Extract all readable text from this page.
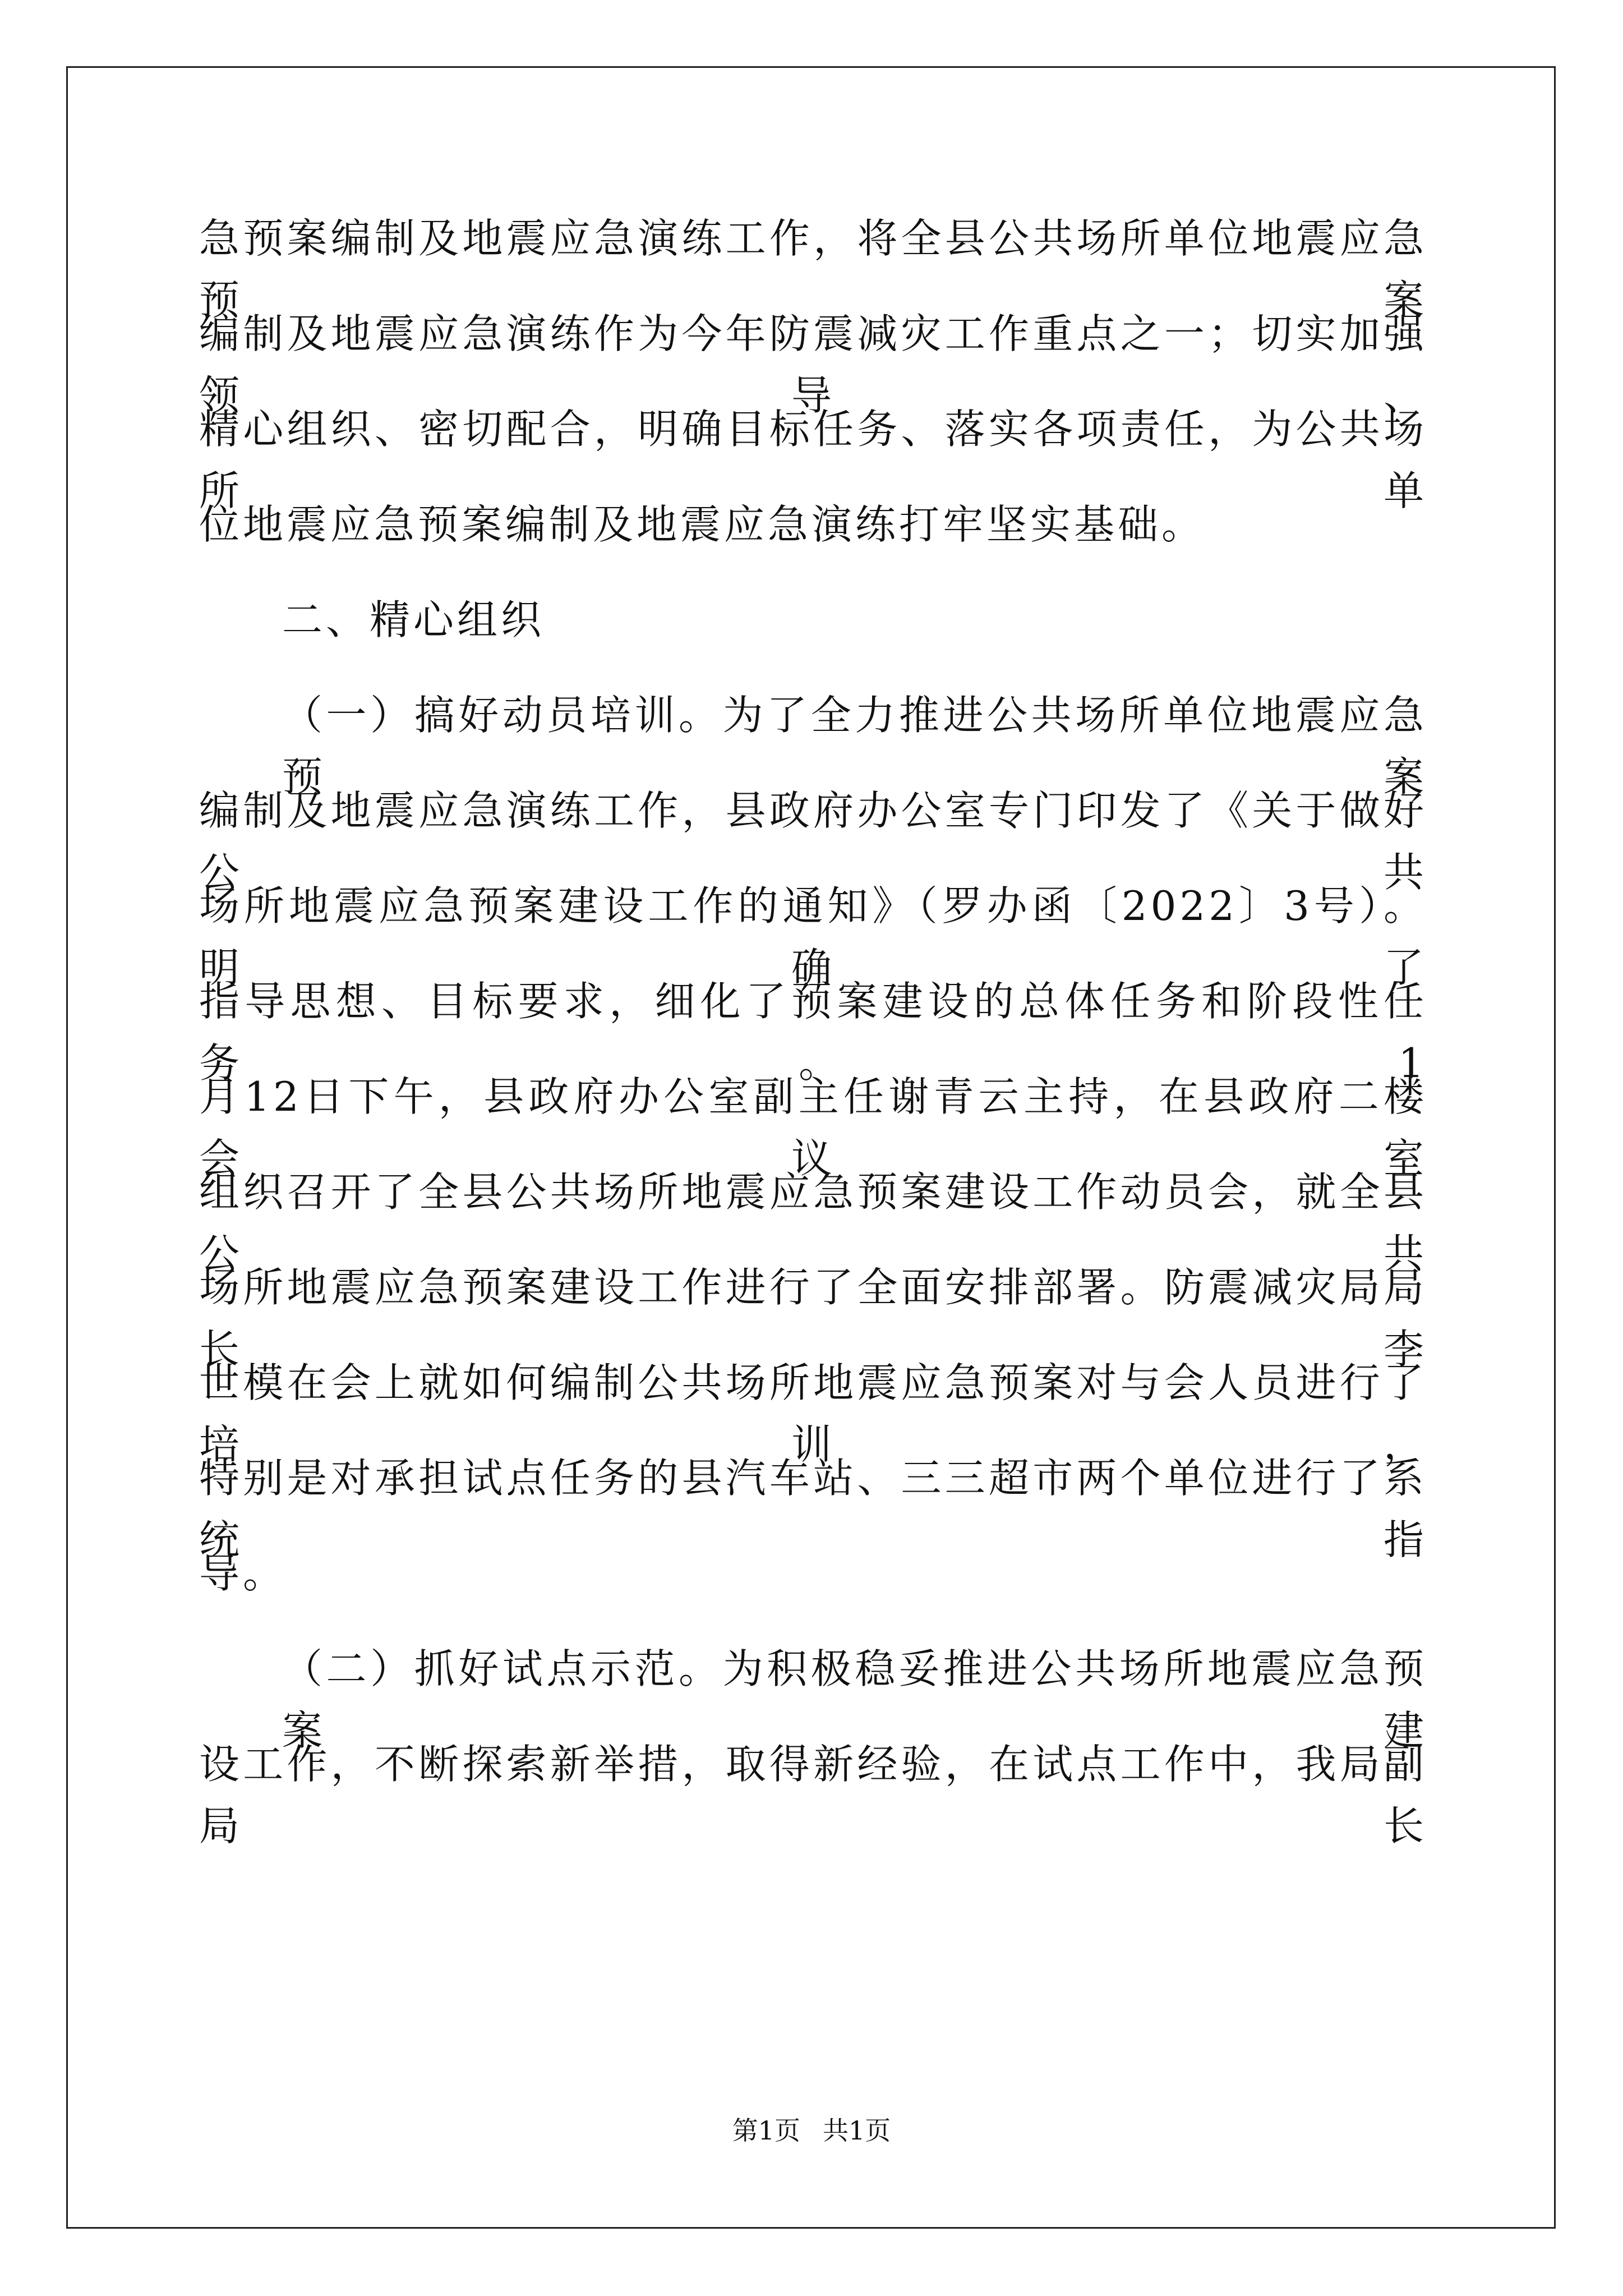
急预案编制及地震应急演练工作，将全县公共场所单位地震应急预案
编制及地震应急演练作为今年防震减灾工作重点之一；切实加强领导、
精心组织、密切配合，明确目标任务、落实各项责任，为公共场所单
位地震应急预案编制及地震应急演练打牢坚实基础。
二、精心组织
（一）搞好动员培训。为了全力推进公共场所单位地震应急预案
编制及地震应急演练工作，县政府办公室专门印发了《关于做好公共
场所地震应急预案建设工作的通知》（罗办函〔2022〕3号）。明确了
指导思想、目标要求，细化了预案建设的总体任务和阶段性任务。1
月12日下午，县政府办公室副主任谢青云主持，在县政府二楼会议室
组织召开了全县公共场所地震应急预案建设工作动员会，就全县公共
场所地震应急预案建设工作进行了全面安排部署。防震减灾局局长李
世模在会上就如何编制公共场所地震应急预案对与会人员进行了培训，
特别是对承担试点任务的县汽车站、三三超市两个单位进行了系统指
导。
（二）抓好试点示范。为积极稳妥推进公共场所地震应急预案建
设工作，不断探索新举措，取得新经验，在试点工作中，我局副局长
第1页 共1页
